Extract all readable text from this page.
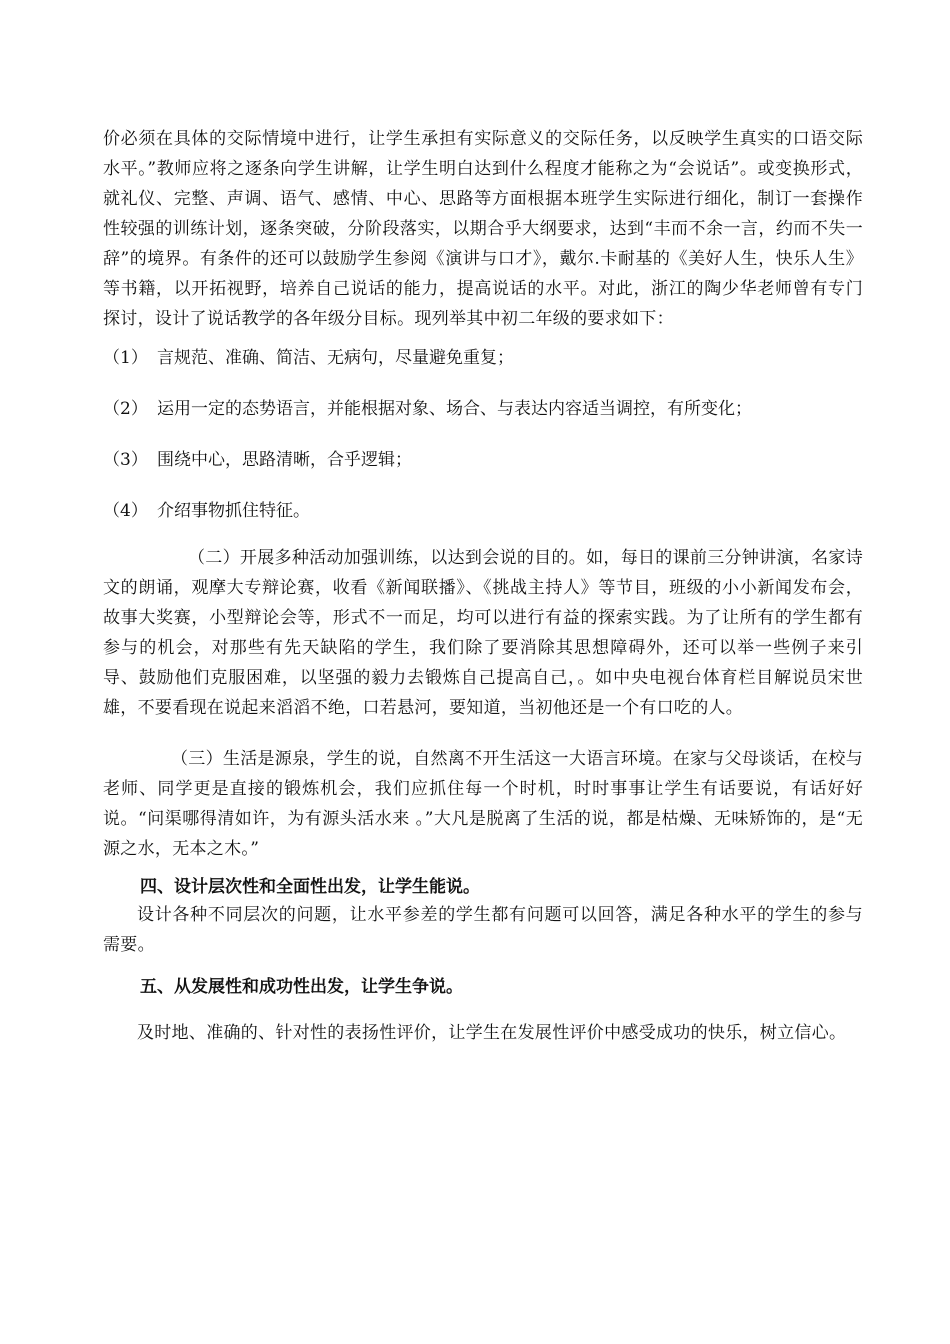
价必须在具体的交际情境中进行，让学生承担有实际意义的交际任务，以反映学生真实的口语交际水平。”教师应将之逐条向学生讲解，让学生明白达到什么程度才能称之为“会说话”。或变换形式，就礼仪、完整、声调、语气、感情、中心、思路等方面根据本班学生实际进行细化，制订一套操作性较强的训练计划，逐条突破，分阶段落实，以期合乎大纲要求，达到“丰而不余一言，约而不失一辞”的境界。有条件的还可以鼓励学生参阅《演讲与口才》，戴尔.卡耐基的《美好人生，快乐人生》等书籍，以开拓视野，培养自己说话的能力，提高说话的水平。对此，浙江的陶少华老师曾有专门探讨，设计了说话教学的各年级分目标。现列举其中初二年级的要求如下：

（1） 言规范、准确、简洁、无病句，尽量避免重复；
（2） 运用一定的态势语言，并能根据对象、场合、与表达内容适当调控，有所变化；
（3） 围绕中心，思路清晰，合乎逻辑；
（4） 介绍事物抓住特征。

（二）开展多种活动加强训练，以达到会说的目的。如，每日的课前三分钟讲演，名家诗文的朗诵，观摩大专辩论赛，收看《新闻联播》、《挑战主持人》等节目，班级的小小新闻发布会，故事大奖赛，小型辩论会等，形式不一而足，均可以进行有益的探索实践。为了让所有的学生都有参与的机会，对那些有先天缺陷的学生，我们除了要消除其思想障碍外，还可以举一些例子来引导、鼓励他们克服困难，以坚强的毅力去锻炼自己提高自己，。如中央电视台体育栏目解说员宋世雄，不要看现在说起来滔滔不绝，口若悬河，要知道，当初他还是一个有口吃的人。

（三）生活是源泉，学生的说，自然离不开生活这一大语言环境。在家与父母谈话，在校与老师、同学更是直接的锻炼机会，我们应抓住每一个时机，时时事事让学生有话要说，有话好好说。“问渠哪得清如许，为有源头活水来 。”大凡是脱离了生活的说，都是枯燥、无味矫饰的，是“无源之水，无本之木。”

四、设计层次性和全面性出发，让学生能说。

设计各种不同层次的问题，让水平参差的学生都有问题可以回答，满足各种水平的学生的参与需要。

五、从发展性和成功性出发，让学生争说。

及时地、准确的、针对性的表扬性评价，让学生在发展性评价中感受成功的快乐，树立信心。
